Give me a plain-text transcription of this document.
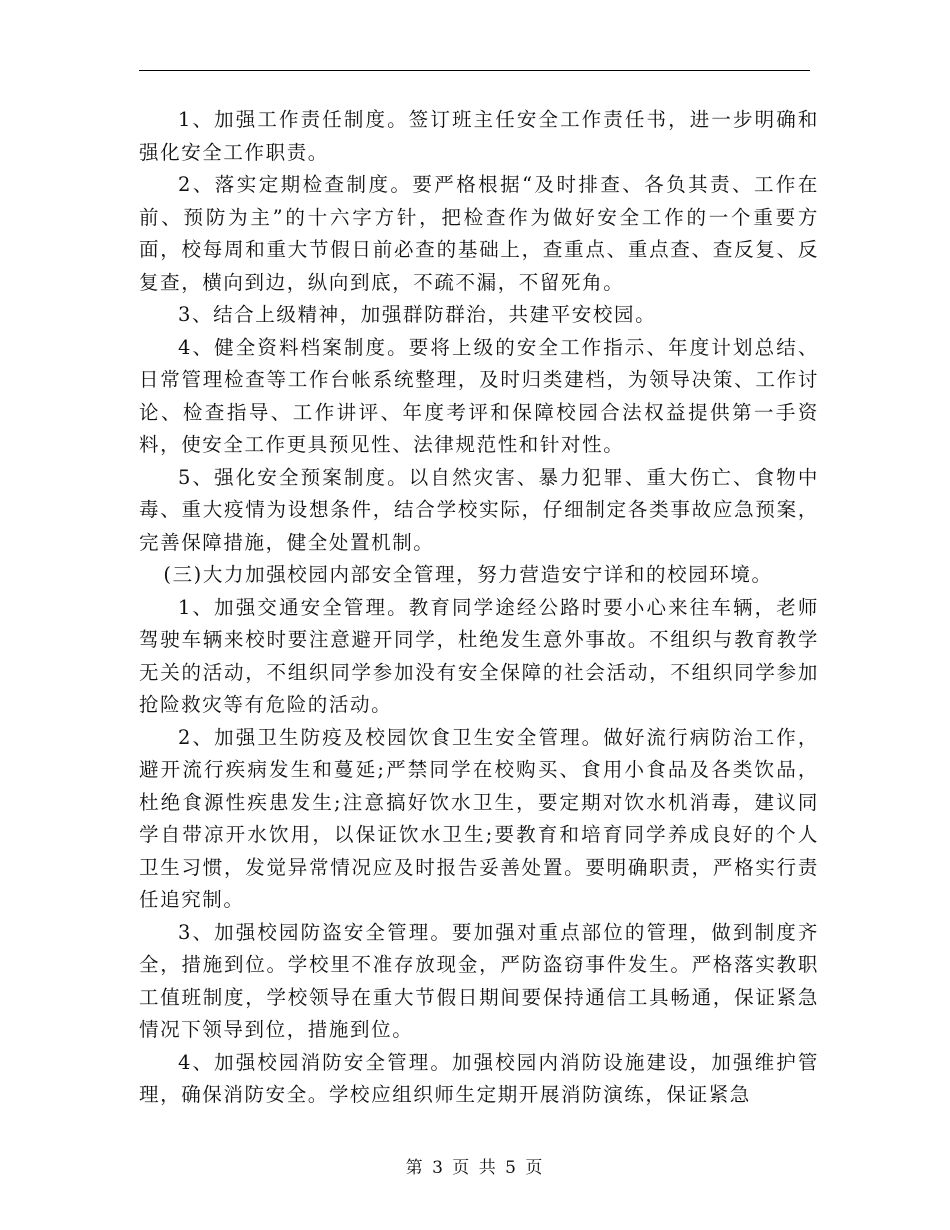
1、加强工作责任制度。签订班主任安全工作责任书，进一步明确和强化安全工作职责。

2、落实定期检查制度。要严格根据“及时排查、各负其责、工作在前、预防为主”的十六字方针，把检查作为做好安全工作的一个重要方面，校每周和重大节假日前必查的基础上，查重点、重点查、查反复、反复查，横向到边，纵向到底，不疏不漏，不留死角。

3、结合上级精神，加强群防群治，共建平安校园。

4、健全资料档案制度。要将上级的安全工作指示、年度计划总结、日常管理检查等工作台帐系统整理，及时归类建档，为领导决策、工作讨论、检查指导、工作讲评、年度考评和保障校园合法权益提供第一手资料，使安全工作更具预见性、法律规范性和针对性。

5、强化安全预案制度。以自然灾害、暴力犯罪、重大伤亡、食物中毒、重大疫情为设想条件，结合学校实际，仔细制定各类事故应急预案，完善保障措施，健全处置机制。

(三)大力加强校园内部安全管理，努力营造安宁详和的校园环境。

1、加强交通安全管理。教育同学途经公路时要小心来往车辆，老师驾驶车辆来校时要注意避开同学，杜绝发生意外事故。不组织与教育教学无关的活动，不组织同学参加没有安全保障的社会活动，不组织同学参加抢险救灾等有危险的活动。

2、加强卫生防疫及校园饮食卫生安全管理。做好流行病防治工作，避开流行疾病发生和蔓延;严禁同学在校购买、食用小食品及各类饮品，杜绝食源性疾患发生;注意搞好饮水卫生，要定期对饮水机消毒，建议同学自带凉开水饮用，以保证饮水卫生;要教育和培育同学养成良好的个人卫生习惯，发觉异常情况应及时报告妥善处置。要明确职责，严格实行责任追究制。

3、加强校园防盗安全管理。要加强对重点部位的管理，做到制度齐全，措施到位。学校里不准存放现金，严防盗窃事件发生。严格落实教职工值班制度，学校领导在重大节假日期间要保持通信工具畅通，保证紧急情况下领导到位，措施到位。

4、加强校园消防安全管理。加强校园内消防设施建设，加强维护管理，确保消防安全。学校应组织师生定期开展消防演练，保证紧急

第 3 页 共 5 页
